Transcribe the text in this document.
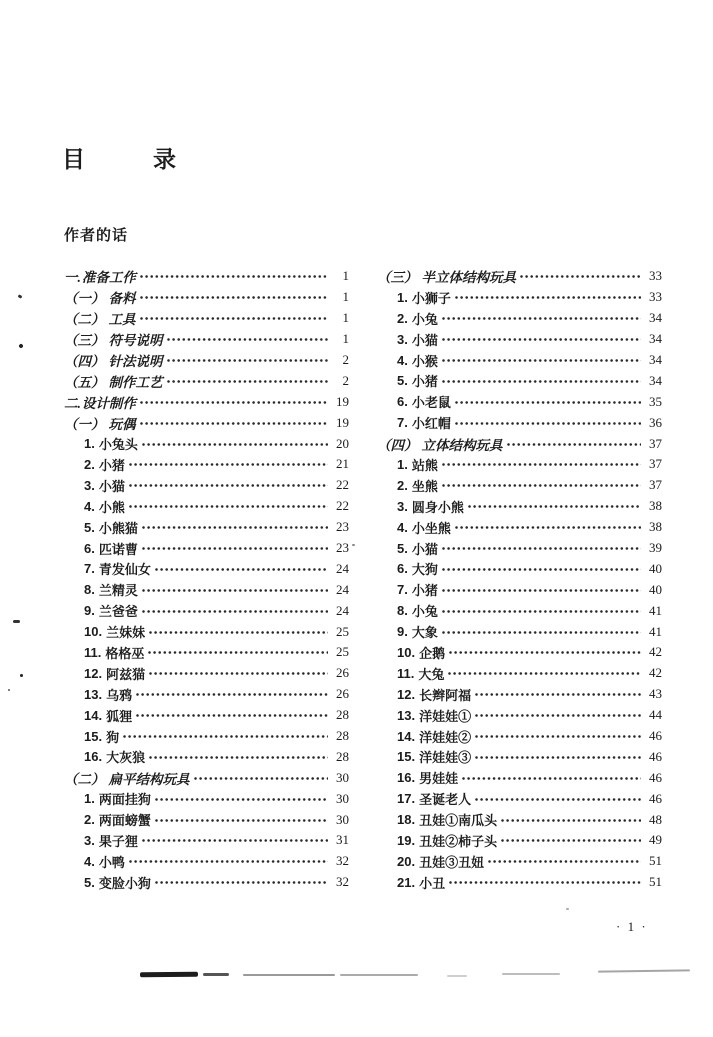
目	录
作者的话
一. 准备工作	1
（一） 备料	1
（二） 工具	1
（三） 符号说明	1
（四） 针法说明	2
（五） 制作工艺	2
二. 设计制作	19
（一） 玩偶	19
1. 小兔头	20
2. 小猪	21
3. 小猫	22
4. 小熊	22
5. 小熊猫	23
6. 匹诺曹	23
7. 青发仙女	24
8. 兰精灵	24
9. 兰爸爸	24
10. 兰妹妹	25
11. 格格巫	25
12. 阿兹猫	26
13. 乌鸦	26
14. 狐狸	28
15. 狗	28
16. 大灰狼	28
（二） 扁平结构玩具	30
1. 两面挂狗	30
2. 两面螃蟹	30
3. 果子狸	31
4. 小鸭	32
5. 变脸小狗	32
（三） 半立体结构玩具	33
1. 小狮子	33
2. 小兔	34
3. 小猫	34
4. 小猴	34
5. 小猪	34
6. 小老鼠	35
7. 小红帽	36
（四） 立体结构玩具	37
1. 站熊	37
2. 坐熊	37
3. 圆身小熊	38
4. 小坐熊	38
5. 小猫	39
6. 大狗	40
7. 小猪	40
8. 小兔	41
9. 大象	41
10. 企鹅	42
11. 大兔	42
12. 长辫阿福	43
13. 洋娃娃①	44
14. 洋娃娃②	46
15. 洋娃娃③	46
16. 男娃娃	46
17. 圣诞老人	46
18. 丑娃①南瓜头	48
19. 丑娃②柿子头	49
20. 丑娃③丑妞	51
21. 小丑	51
· 1 ·
